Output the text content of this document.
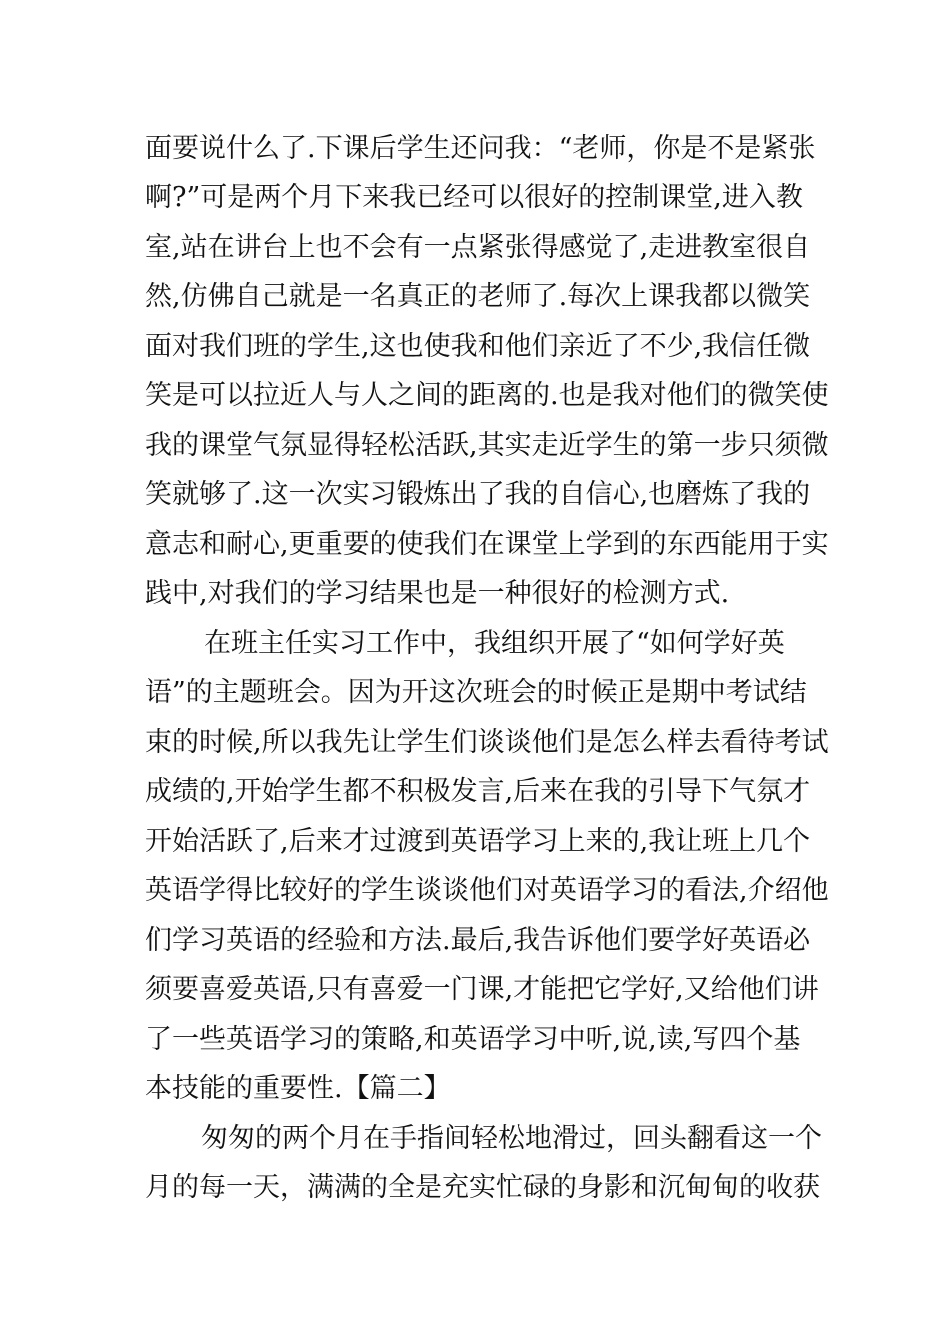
面要说什么了.下课后学生还问我：“老师，你是不是紧张
啊?”可是两个月下来我已经可以很好的控制课堂,进入教
室,站在讲台上也不会有一点紧张得感觉了,走进教室很自
然,仿佛自己就是一名真正的老师了.每次上课我都以微笑
面对我们班的学生,这也使我和他们亲近了不少,我信任微
笑是可以拉近人与人之间的距离的.也是我对他们的微笑使
我的课堂气氛显得轻松活跃,其实走近学生的第一步只须微
笑就够了.这一次实习锻炼出了我的自信心,也磨炼了我的
意志和耐心,更重要的使我们在课堂上学到的东西能用于实
践中,对我们的学习结果也是一种很好的检测方式.
　在班主任实习工作中，我组织开展了“如何学好英
语”的主题班会。因为开这次班会的时候正是期中考试结
束的时候,所以我先让学生们谈谈他们是怎么样去看待考试
成绩的,开始学生都不积极发言,后来在我的引导下气氛才
开始活跃了,后来才过渡到英语学习上来的,我让班上几个
英语学得比较好的学生谈谈他们对英语学习的看法,介绍他
们学习英语的经验和方法.最后,我告诉他们要学好英语必
须要喜爱英语,只有喜爱一门课,才能把它学好,又给他们讲
了一些英语学习的策略,和英语学习中听,说,读,写四个基
本技能的重要性.【篇二】
匆匆的两个月在手指间轻松地滑过，回头翻看这一个
月的每一天，满满的全是充实忙碌的身影和沉甸甸的收获
